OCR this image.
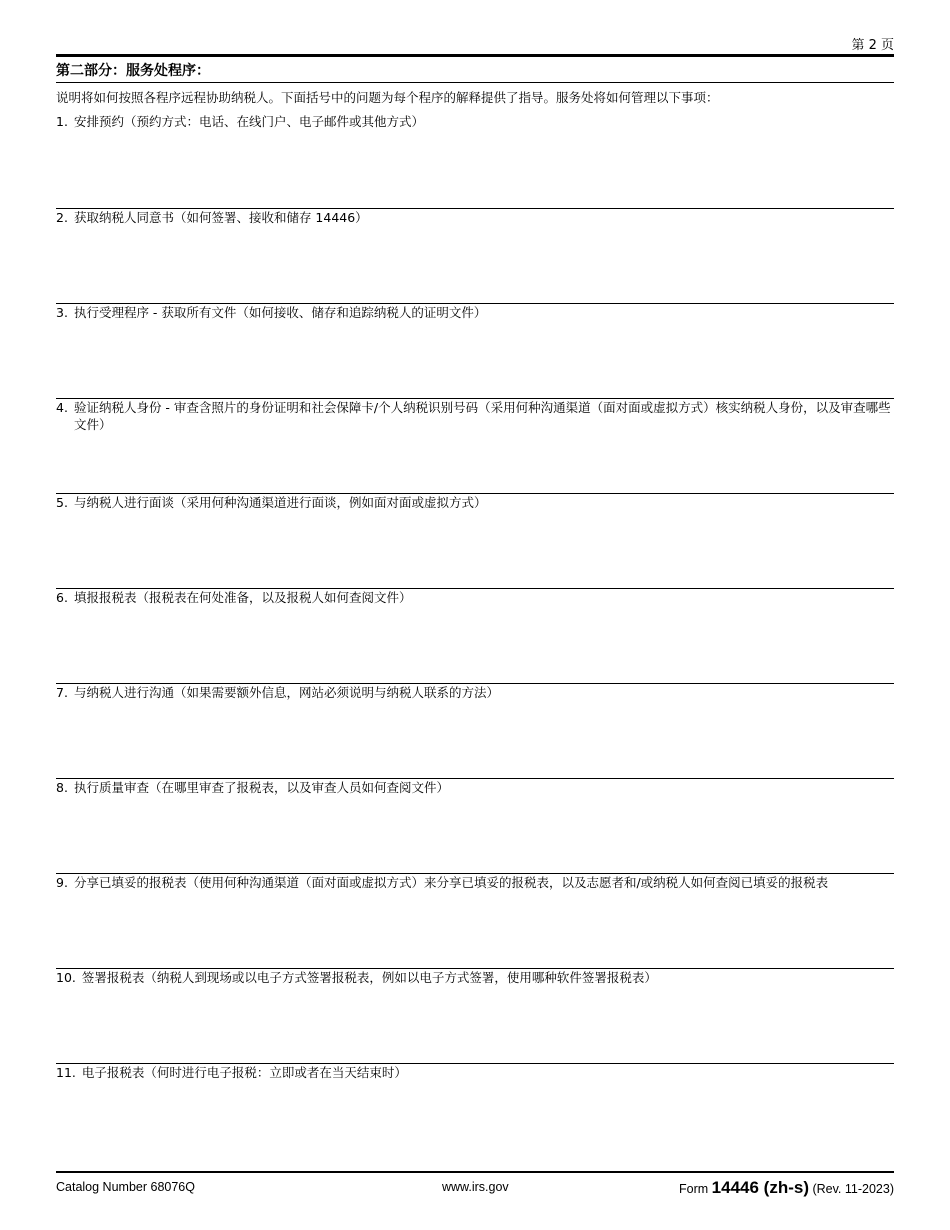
第 2 页
第二部分：服务处程序：
说明将如何按照各程序远程协助纳税人。下面括号中的问题为每个程序的解释提供了指导。服务处将如何管理以下事项：
1. 安排预约（预约方式：电话、在线门户、电子邮件或其他方式）
2. 获取纳税人同意书（如何签署、接收和储存 14446）
3. 执行受理程序 - 获取所有文件（如何接收、储存和追踪纳税人的证明文件）
4. 验证纳税人身份 - 审查含照片的身份证明和社会保障卡/个人纳税识别号码（采用何种沟通渠道（面对面或虚拟方式）核实纳税人身份，以及审查哪些文件）
5. 与纳税人进行面谈（采用何种沟通渠道进行面谈，例如面对面或虚拟方式）
6. 填报报税表（报税表在何处准备，以及报税人如何查阅文件）
7. 与纳税人进行沟通（如果需要额外信息，网站必须说明与纳税人联系的方法）
8. 执行质量审查（在哪里审查了报税表，以及审查人员如何查阅文件）
9. 分享已填妥的报税表（使用何种沟通渠道（面对面或虚拟方式）来分享已填妥的报税表，以及志愿者和/或纳税人如何查阅已填妥的报税表
10. 签署报税表（纳税人到现场或以电子方式签署报税表，例如以电子方式签署，使用哪种软件签署报税表）
11. 电子报税表（何时进行电子报税：立即或者在当天结束时）
Catalog Number 68076Q	www.irs.gov	Form 14446 (zh-s) (Rev. 11-2023)
